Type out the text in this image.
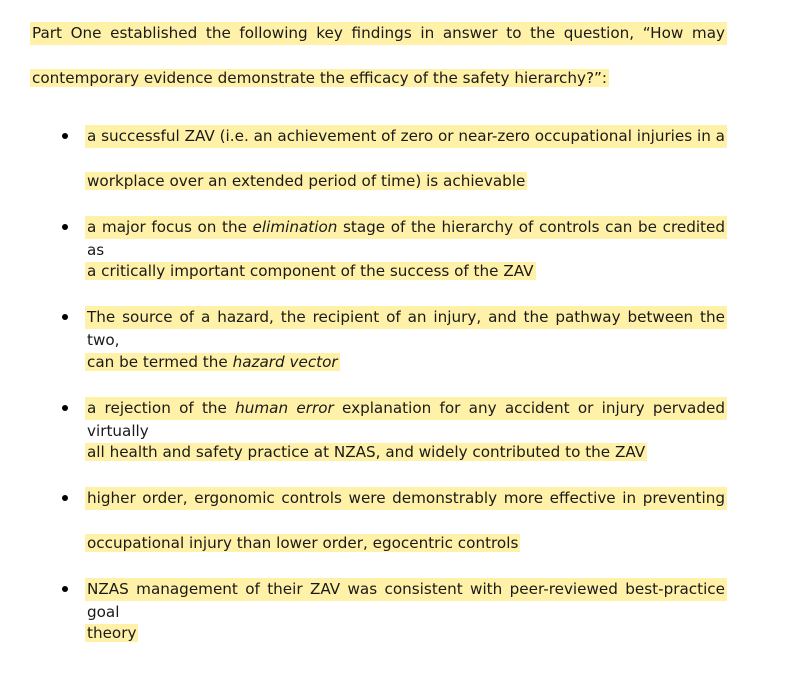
Part One established the following key findings in answer to the question, “How may
contemporary evidence demonstrate the efficacy of the safety hierarchy?”:
a successful ZAV (i.e. an achievement of zero or near-zero occupational injuries in a
workplace over an extended period of time) is achievable
a major focus on the elimination stage of the hierarchy of controls can be credited as
a critically important component of the success of the ZAV
The source of a hazard, the recipient of an injury, and the pathway between the two,
can be termed the hazard vector
a rejection of the human error explanation for any accident or injury pervaded virtually
all health and safety practice at NZAS, and widely contributed to the ZAV
higher order, ergonomic controls were demonstrably more effective in preventing
occupational injury than lower order, egocentric controls
NZAS management of their ZAV was consistent with peer-reviewed best-practice goal
theory
